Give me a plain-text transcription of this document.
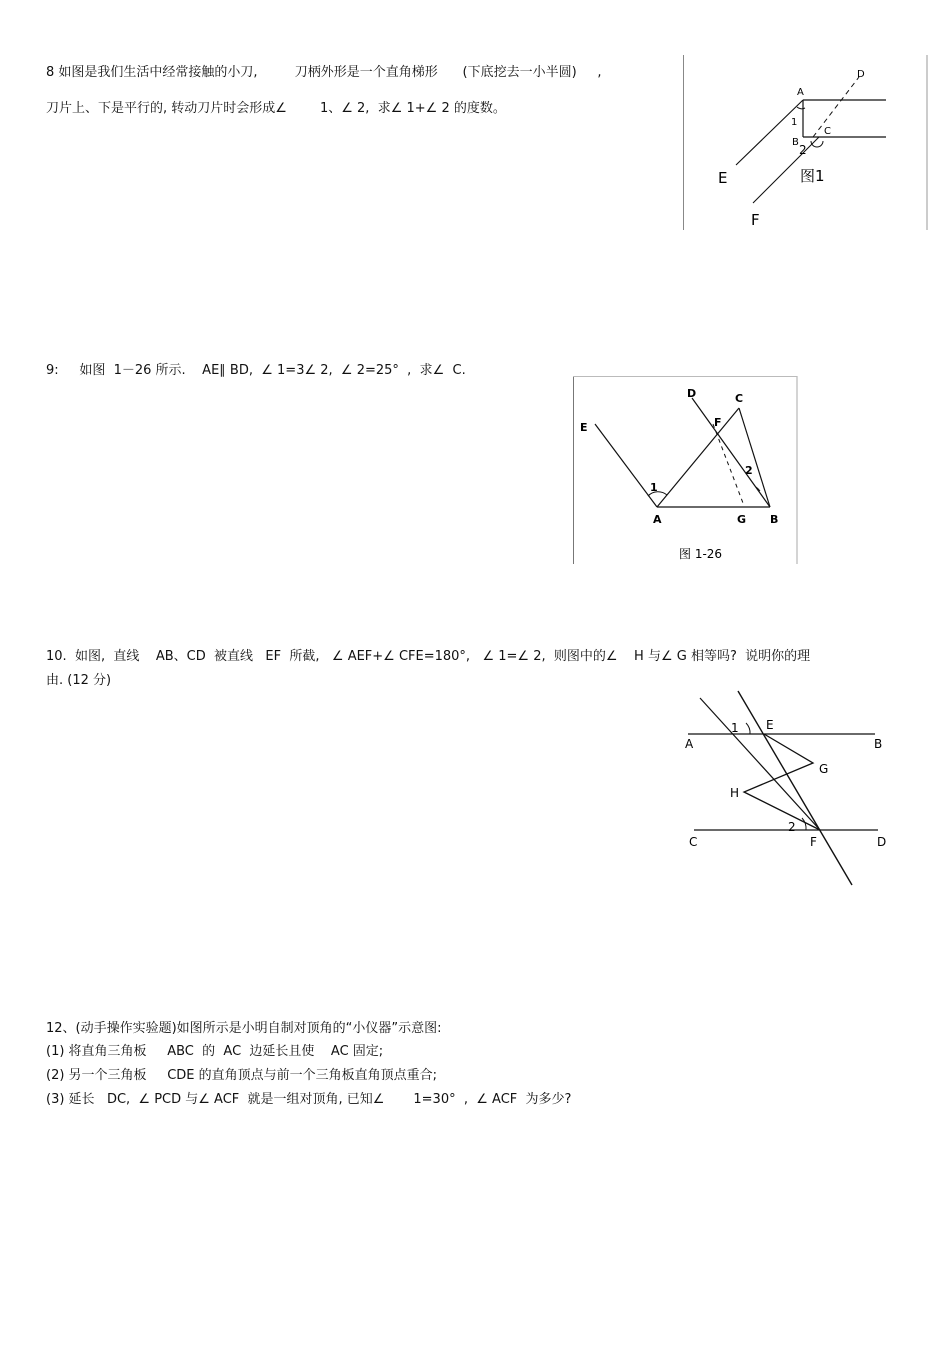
8 如图是我们生活中经常接触的小刀,         刀柄外形是一个直角梯形      (下底挖去一小半圆)     ,
刀片上、下是平行的, 转动刀片时会形成∠        1、∠ 2,  求∠ 1+∠ 2 的度数。
A
D
1
C
B
2
E	图1
F
9:     如图  1－26 所示.    AE∥ BD,  ∠ 1=3∠ 2,  ∠ 2=25°  ,  求∠  C.
D	C
E	F
2
1
A	G B
图 1-26
10.  如图,  直线    AB、CD  被直线   EF  所截,   ∠ AEF+∠ CFE=180°,   ∠ 1=∠ 2,  则图中的∠    H 与∠ G 相等吗?  说明你的理
由. (12 分)
1 E
A	B
G
H
2
C	F	D
12、(动手操作实验题)如图所示是小明自制对顶角的“小仪器”示意图:
(1) 将直角三角板     ABC  的  AC  边延长且使    AC 固定;
(2) 另一个三角板     CDE 的直角顶点与前一个三角板直角顶点重合;
(3) 延长   DC,  ∠ PCD 与∠ ACF  就是一组对顶角, 已知∠       1=30°  ,  ∠ ACF  为多少?
